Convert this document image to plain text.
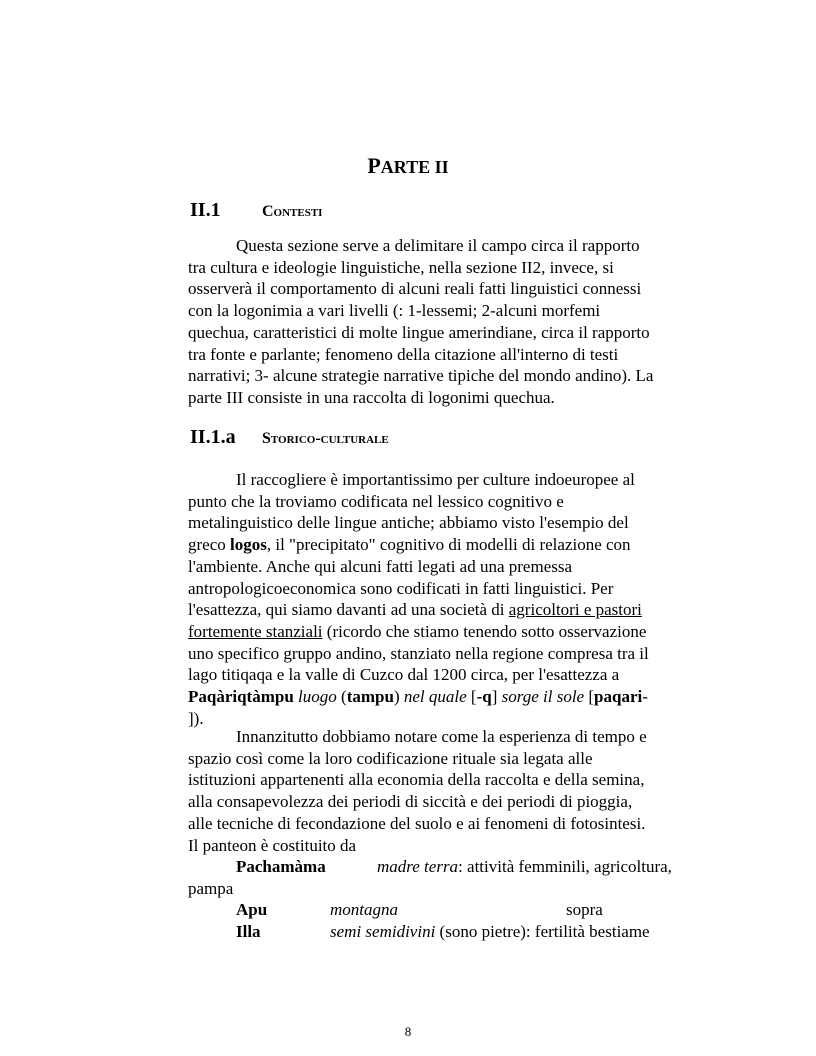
PARTE II
II.1	Contesti

Questa sezione serve a delimitare il campo circa il rapporto
tra cultura e ideologie linguistiche, nella sezione II2, invece, si
osserverà il comportamento di alcuni reali fatti linguistici connessi
con la logonimia a vari livelli (: 1-lessemi; 2-alcuni morfemi
quechua, caratteristici di molte lingue amerindiane, circa il rapporto
tra fonte e parlante; fenomeno della citazione all'interno di testi
narrativi; 3- alcune strategie narrative tipiche del mondo andino). La
parte III consiste in una raccolta di logonimi quechua.

II.1.a Storico-culturale

Il raccogliere è importantissimo per culture indoeuropee al
punto che la troviamo codificata nel lessico cognitivo e
metalinguistico delle lingue antiche; abbiamo visto l'esempio del
greco logos, il "precipitato" cognitivo di modelli di relazione con
l'ambiente. Anche qui alcuni fatti legati ad una premessa
antropologicoeconomica sono codificati in fatti linguistici. Per
l'esattezza, qui siamo davanti ad una società di agricoltori e pastori
fortemente stanziali (ricordo che stiamo tenendo sotto osservazione
uno specifico gruppo andino, stanziato nella regione compresa tra il
lago titiqaqa e la valle di Cuzco dal 1200 circa, per l'esattezza a
Paqàriqtàmpu luogo (tampu) nel quale [-q] sorge il sole [paqari-
]).

Innanzitutto dobbiamo notare come la esperienza di tempo e
spazio così come la loro codificazione rituale sia legata alle
istituzioni appartenenti alla economia della raccolta e della semina,
alla consapevolezza dei periodi di siccità e dei periodi di pioggia,
alle tecniche di fecondazione del suolo e ai fenomeni di fotosintesi.
Il panteon è costituito da

Pachamàma	madre terra: attività femminili, agricoltura,
pampa
Apu	montagna	sopra
Illa	semi semidivini (sono pietre): fertilità bestiame
8
